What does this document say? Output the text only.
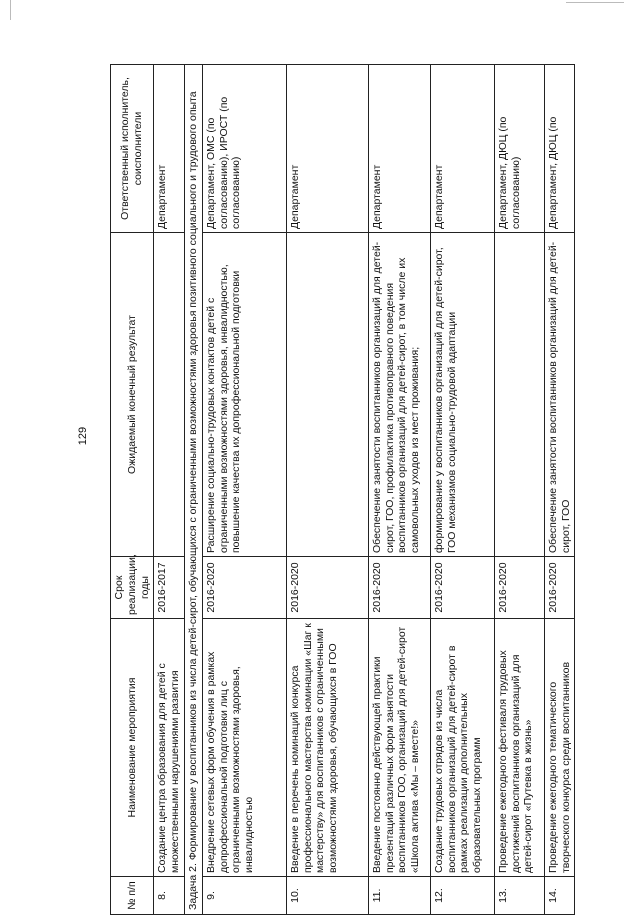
129
№ п/п	Наименование мероприятия	Срок реализации, годы	Ожидаемый конечный результат	Ответственный исполнитель, соисполнители
8.	Создание центра образования для детей с множественными нарушениями развития	2016-2017		Департамент
Задача 2. Формирование у воспитанников из числа детей-сирот, обучающихся с ограниченными возможностями здоровья позитивного социального и трудового опыта				
9.	Внедрение сетевых форм обучения в рамках допрофессиональной подготовки лиц с ограниченными возможностями здоровья, инвалидностью	2016-2020	Расширение социально-трудовых контактов детей с ограниченными возможностями здоровья, инвалидностью, повышение качества их допрофессиональной подготовки	Департамент, ОМС (по согласованию), ИРОСТ (по согласованию)
10.	Введение в перечень номинаций конкурса профессионального мастерства номинации «Шаг к мастерству» для воспитанников с ограниченными возможностями здоровья, обучающихся в ГОО	2016-2020		Департамент
11.	Введение постоянно действующей практики презентаций различных форм занятости воспитанников ГОО, организаций для детей-сирот «Школа актива «Мы – вместе!»	2016-2020	Обеспечение занятости воспитанников организаций для детей-сирот, ГОО, профилактика противоправного поведения воспитанников организаций для детей-сирот, в том числе их самовольных уходов из мест проживания;	Департамент
12.	Создание трудовых отрядов из числа воспитанников организаций для детей-сирот в рамках реализации дополнительных образовательных программ	2016-2020	формирование у воспитанников организаций для детей-сирот, ГОО механизмов социально-трудовой адаптации	Департамент
13.	Проведение ежегодного фестиваля трудовых достижений воспитанников организаций для детей-сирот «Путевка в жизнь»	2016-2020		Департамент, ДЮЦ (по согласованию)
14.	Проведение ежегодного тематического творческого конкурса среди воспитанников	2016-2020	Обеспечение занятости воспитанников организаций для детей-сирот, ГОО	Департамент, ДЮЦ (по
